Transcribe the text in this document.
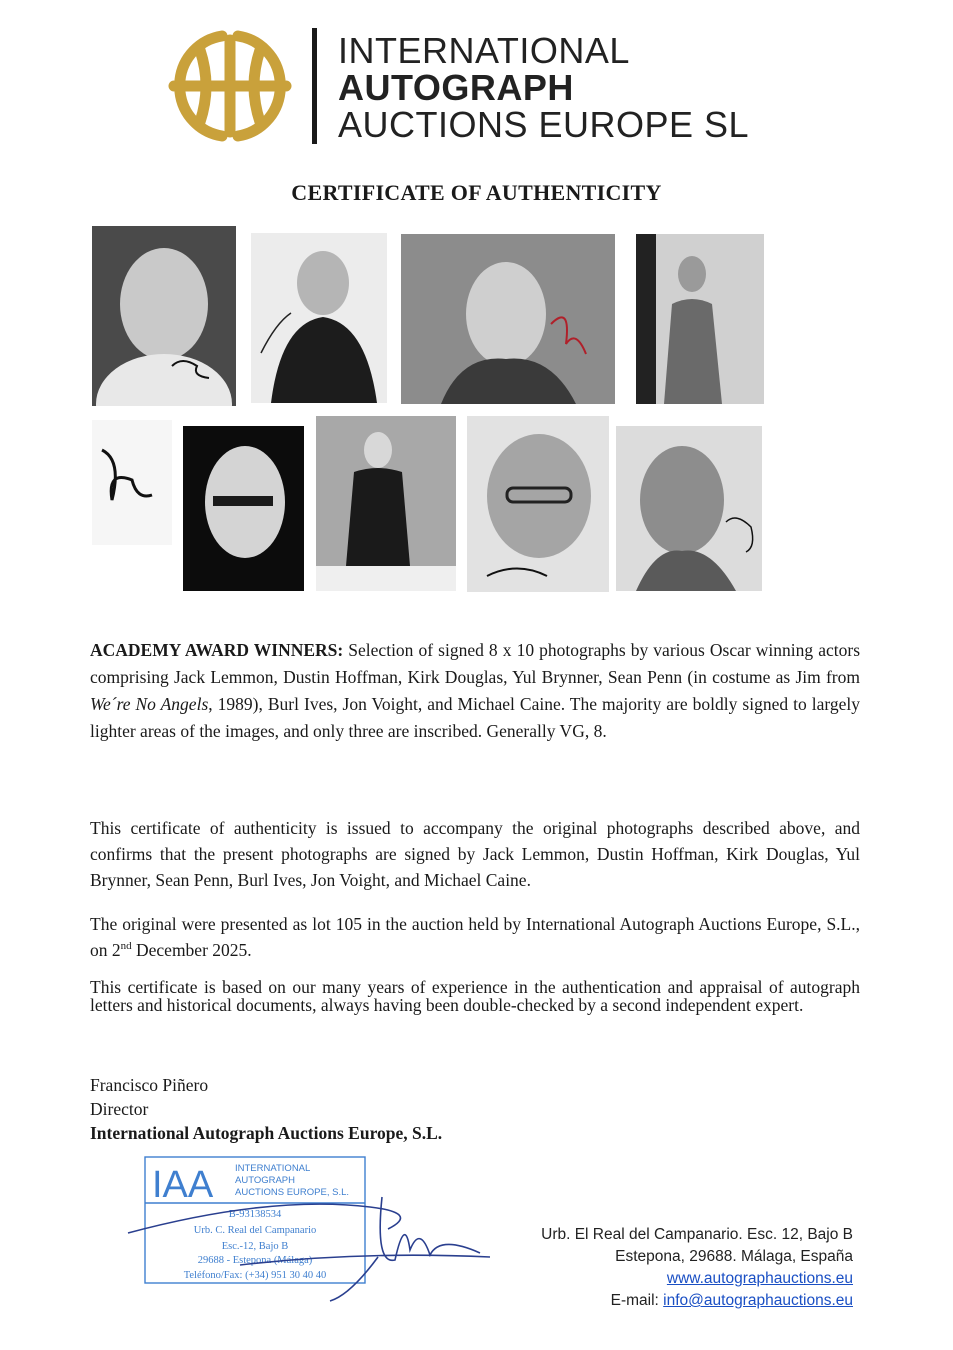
INTERNATIONAL
AUTOGRAPH
AUCTIONS EUROPE SL
CERTIFICATE OF AUTHENTICITY
ACADEMY AWARD WINNERS: Selection of signed 8 x 10 photographs by various Oscar winning actors comprising Jack Lemmon, Dustin Hoffman, Kirk Douglas, Yul Brynner, Sean Penn (in costume as Jim from We´re No Angels, 1989), Burl Ives, Jon Voight, and Michael Caine. The majority are boldly signed to largely lighter areas of the images, and only three are inscribed. Generally VG, 8.
This certificate of authenticity is issued to accompany the original photographs described above, and confirms that the present photographs are signed by Jack Lemmon, Dustin Hoffman, Kirk Douglas, Yul Brynner, Sean Penn, Burl Ives, Jon Voight, and Michael Caine.
The original were presented as lot 105 in the auction held by International Autograph Auctions Europe, S.L., on 2nd December 2025.
This certificate is based on our many years of experience in the authentication and appraisal of autograph letters and historical documents, always having been double-checked by a second independent expert.
Francisco Piñero
Director
International Autograph Auctions Europe, S.L.
IAA INTERNATIONAL
AUTOGRAPH
AUCTIONS EUROPE, S.L.
B-93138534
Urb. C. Real del Campanario
Esc.-12, Bajo B
29688 - Estepona (Málaga)
Teléfono/Fax: (+34) 951 30 40 40
Urb. El Real del Campanario. Esc. 12, Bajo B
Estepona, 29688. Málaga, España
www.autographauctions.eu
E-mail: info@autographauctions.eu
